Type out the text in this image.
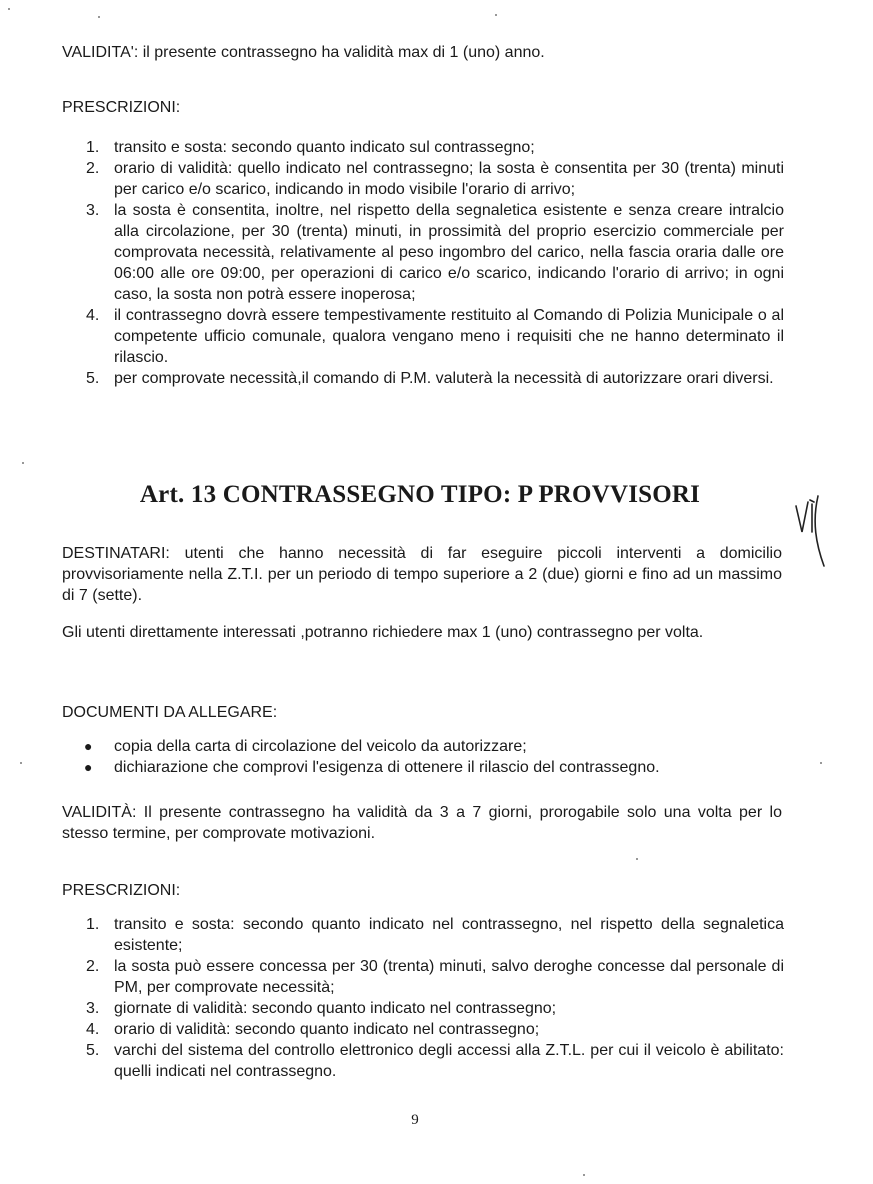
VALIDITA': il presente contrassegno ha validità max di 1 (uno) anno.

PRESCRIZIONI:

1. transito e sosta: secondo quanto indicato sul contrassegno;
2. orario di validità: quello indicato nel contrassegno; la sosta è consentita per 30 (trenta) minuti per carico e/o scarico, indicando in modo visibile l'orario di arrivo;
3. la sosta è consentita, inoltre, nel rispetto della segnaletica esistente e senza creare intralcio alla circolazione, per 30 (trenta) minuti, in prossimità del proprio esercizio commerciale per comprovata necessità, relativamente al peso ingombro del carico, nella fascia oraria dalle ore 06:00 alle ore 09:00, per operazioni di carico e/o scarico, indicando l'orario di arrivo; in ogni caso, la sosta non potrà essere inoperosa;
4. il contrassegno dovrà essere tempestivamente restituito al Comando di Polizia Municipale o al competente ufficio comunale, qualora vengano meno i requisiti che ne hanno determinato il rilascio.
5. per comprovate necessità,il comando di P.M. valuterà la necessità di autorizzare orari diversi.
Art. 13 CONTRASSEGNO TIPO: P PROVVISORI

DESTINATARI: utenti che hanno necessità di far eseguire piccoli interventi a domicilio provvisoriamente nella Z.T.I. per un periodo di tempo superiore a 2 (due) giorni e fino ad un massimo di 7 (sette).

Gli utenti direttamente interessati ,potranno richiedere max 1 (uno) contrassegno per volta.

DOCUMENTI DA ALLEGARE:

● copia della carta di circolazione del veicolo da autorizzare;
● dichiarazione che comprovi l'esigenza di ottenere il rilascio del contrassegno.

VALIDITÀ: Il presente contrassegno ha validità da 3 a 7 giorni, prorogabile solo una volta per lo stesso termine, per comprovate motivazioni.

PRESCRIZIONI:

1. transito e sosta: secondo quanto indicato nel contrassegno, nel rispetto della segnaletica esistente;
2. la sosta può essere concessa per 30 (trenta) minuti, salvo deroghe concesse dal personale di PM, per comprovate necessità;
3. giornate di validità: secondo quanto indicato nel contrassegno;
4. orario di validità: secondo quanto indicato nel contrassegno;
5. varchi del sistema del controllo elettronico degli accessi alla Z.T.L. per cui il veicolo è abilitato: quelli indicati nel contrassegno.
9
